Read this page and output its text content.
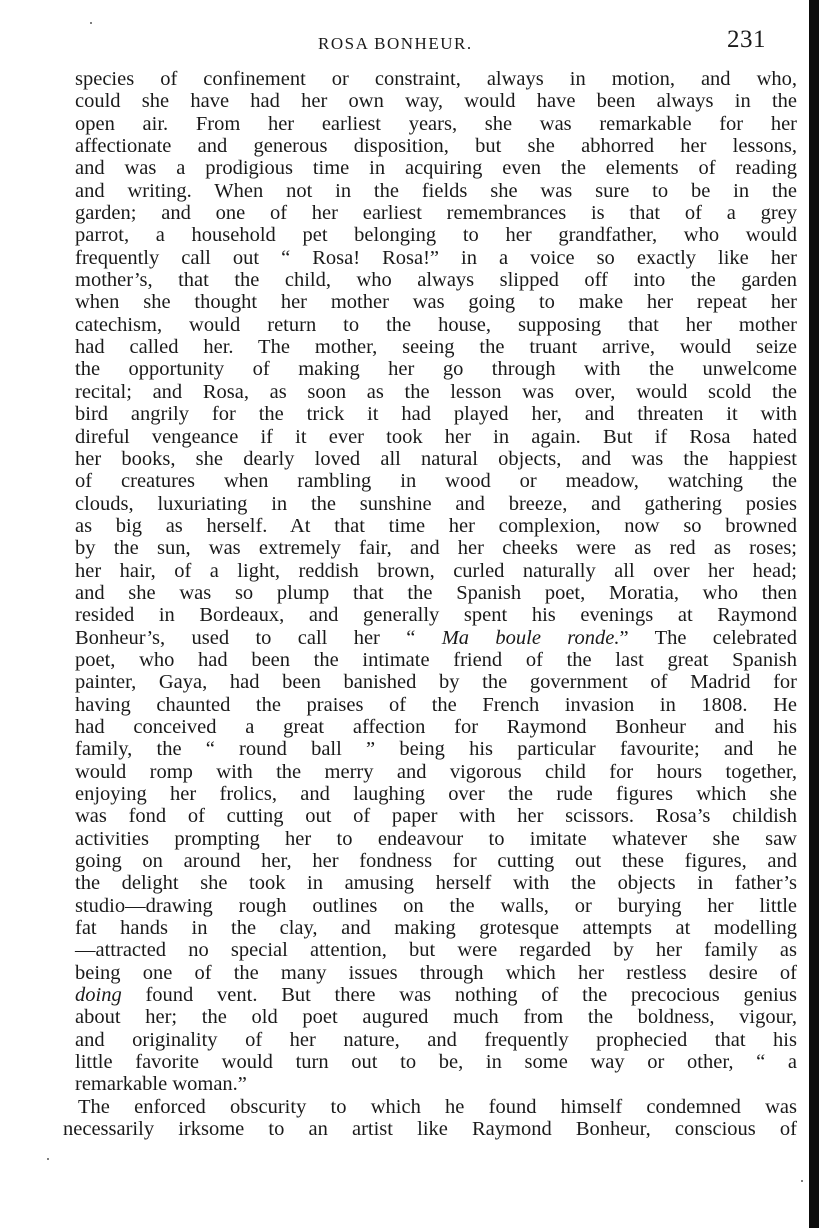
ROSA BONHEUR.	231

species of confinement or constraint, always in motion, and who,
could she have had her own way, would have been always in the
open air. From her earliest years, she was remarkable for her
affectionate and generous disposition, but she abhorred her lessons,
and was a prodigious time in acquiring even the elements of reading
and writing. When not in the fields she was sure to be in the
garden; and one of her earliest remembrances is that of a grey
parrot, a household pet belonging to her grandfather, who would
frequently call out “ Rosa! Rosa!” in a voice so exactly like her
mother’s, that the child, who always slipped off into the garden
when she thought her mother was going to make her repeat her
catechism, would return to the house, supposing that her mother
had called her. The mother, seeing the truant arrive, would seize
the opportunity of making her go through with the unwelcome
recital; and Rosa, as soon as the lesson was over, would scold the
bird angrily for the trick it had played her, and threaten it with
direful vengeance if it ever took her in again. But if Rosa hated
her books, she dearly loved all natural objects, and was the happiest
of creatures when rambling in wood or meadow, watching the
clouds, luxuriating in the sunshine and breeze, and gathering posies
as big as herself. At that time her complexion, now so browned
by the sun, was extremely fair, and her cheeks were as red as roses;
her hair, of a light, reddish brown, curled naturally all over her head;
and she was so plump that the Spanish poet, Moratia, who then
resided in Bordeaux, and generally spent his evenings at Raymond
Bonheur’s, used to call her “ Ma boule ronde.” The celebrated
poet, who had been the intimate friend of the last great Spanish
painter, Gaya, had been banished by the government of Madrid for
having chaunted the praises of the French invasion in 1808. He
had conceived a great affection for Raymond Bonheur and his
family, the “ round ball ” being his particular favourite; and he
would romp with the merry and vigorous child for hours together,
enjoying her frolics, and laughing over the rude figures which she
was fond of cutting out of paper with her scissors. Rosa’s childish
activities prompting her to endeavour to imitate whatever she saw
going on around her, her fondness for cutting out these figures, and
the delight she took in amusing herself with the objects in father’s
studio—drawing rough outlines on the walls, or burying her little
fat hands in the clay, and making grotesque attempts at modelling
—attracted no special attention, but were regarded by her family as
being one of the many issues through which her restless desire of
doing found vent. But there was nothing of the precocious genius
about her; the old poet augured much from the boldness, vigour,
and originality of her nature, and frequently prophecied that his
little favorite would turn out to be, in some way or other, “ a
remarkable woman.”

The enforced obscurity to which he found himself condemned was
necessarily irksome to an artist like Raymond Bonheur, conscious of
